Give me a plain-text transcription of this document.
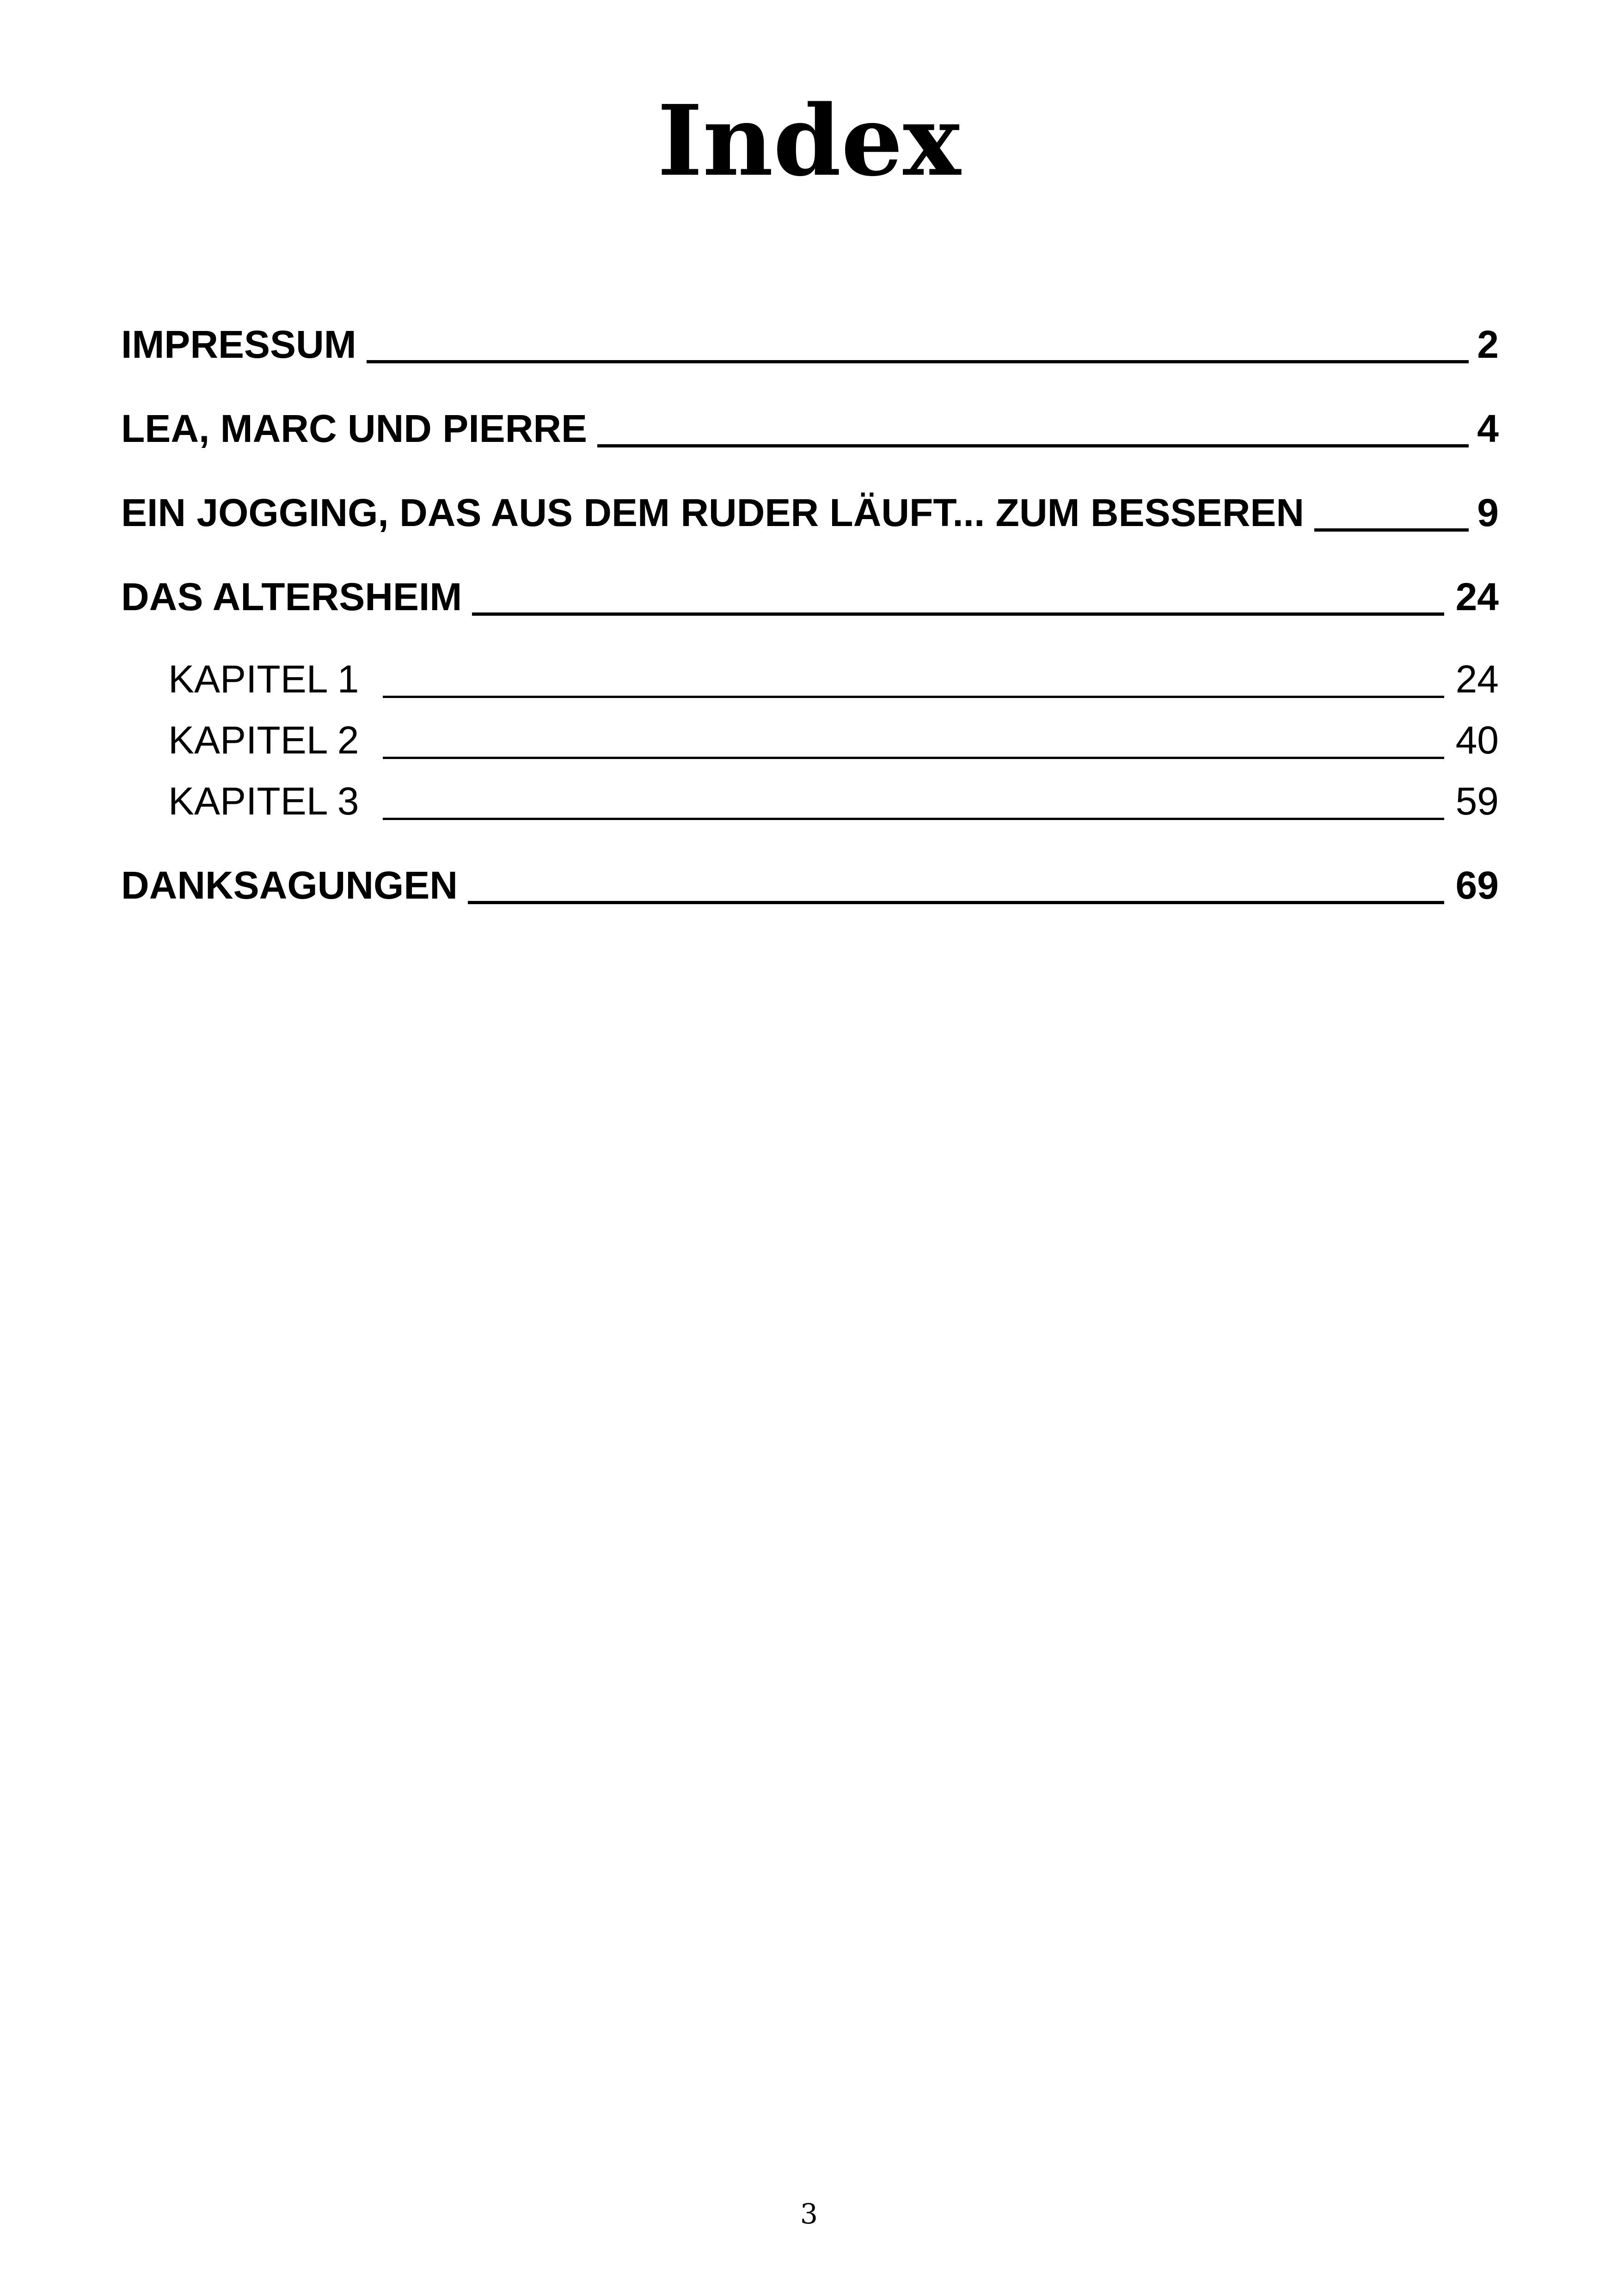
Index
IMPRESSUM	2
LEA, MARC UND PIERRE	4
EIN JOGGING, DAS AUS DEM RUDER LÄUFT... ZUM BESSEREN	9
DAS ALTERSHEIM	24
KAPITEL 1	24
KAPITEL 2	40
KAPITEL 3	59
DANKSAGUNGEN	69
3
